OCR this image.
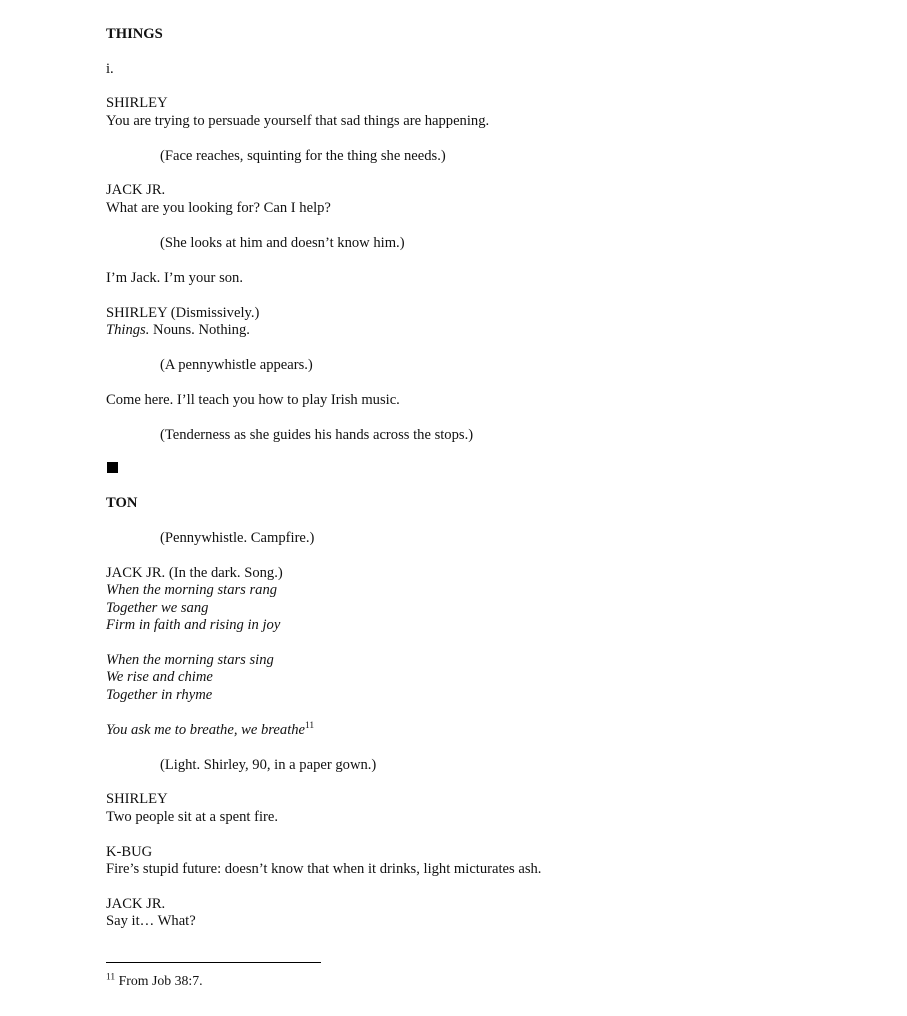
THINGS
i.
SHIRLEY
You are trying to persuade yourself that sad things are happening.
(Face reaches, squinting for the thing she needs.)
JACK JR.
What are you looking for? Can I help?
(She looks at him and doesn’t know him.)
I’m Jack. I’m your son.
SHIRLEY (Dismissively.)
Things. Nouns. Nothing.
(A pennywhistle appears.)
Come here. I’ll teach you how to play Irish music.
(Tenderness as she guides his hands across the stops.)
TON
(Pennywhistle. Campfire.)
JACK JR. (In the dark. Song.)
When the morning stars rang
Together we sang
Firm in faith and rising in joy
When the morning stars sing
We rise and chime
Together in rhyme
You ask me to breathe, we breathe$^{11}$
(Light. Shirley, 90, in a paper gown.)
SHIRLEY
Two people sit at a spent fire.
K-BUG
Fire’s stupid future: doesn’t know that when it drinks, light micturates ash.
JACK JR.
Say it… What?
$^{11}$ From Job 38:7.
